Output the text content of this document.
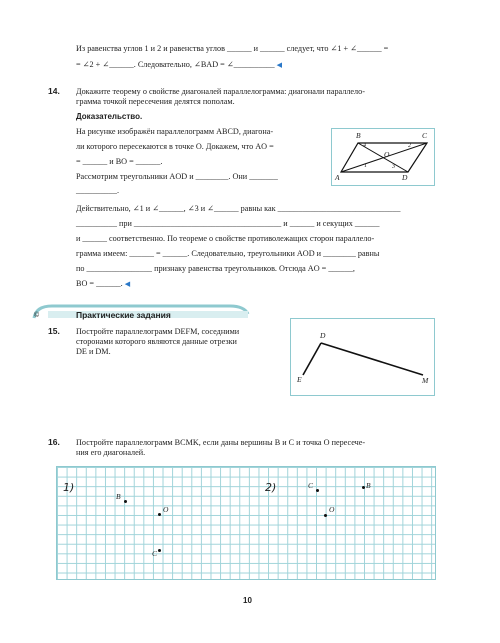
Из равенства углов 1 и 2 и равенства углов ______ и ______ следует, что ∠1 + ∠______ =
= ∠2 + ∠______. Следовательно, ∠BAD = ∠__________ ◀
14. Докажите теорему о свойстве диагоналей параллелограмма: диагонали параллело-
грамма точкой пересечения делятся пополам.
Доказательство.
На рисунке изображён параллелограмм ABCD, диагона-
ли которого пересекаются в точке O. Докажем, что AO =
= ______ и BO = ______.
Рассмотрим треугольники AOD и ________. Они _______
__________.
B	C
A	D
O
1
2
3
4
Действительно, ∠1 и ∠______, ∠3 и ∠______ равны как ______________________________
__________ при ____________________________________ и ______ и секущих ______
и ______ соответственно. По теореме о свойстве противолежащих сторон параллело-
грамма имеем: ______ = ______. Следовательно, треугольники AOD и ________ равны
по ________________ признаку равенства треугольников. Отсюда AO = ______,
BO = ______. ◀
©	Практические задания
15. Постройте параллелограмм DEFM, соседними
сторонами которого являются данные отрезки
DE и DM.
D
E	M
16. Постройте параллелограмм BCMK, если даны вершины B и C и точка O пересече-
ния его диагоналей.
1)	2)
B
O
C
C	B
O
10
